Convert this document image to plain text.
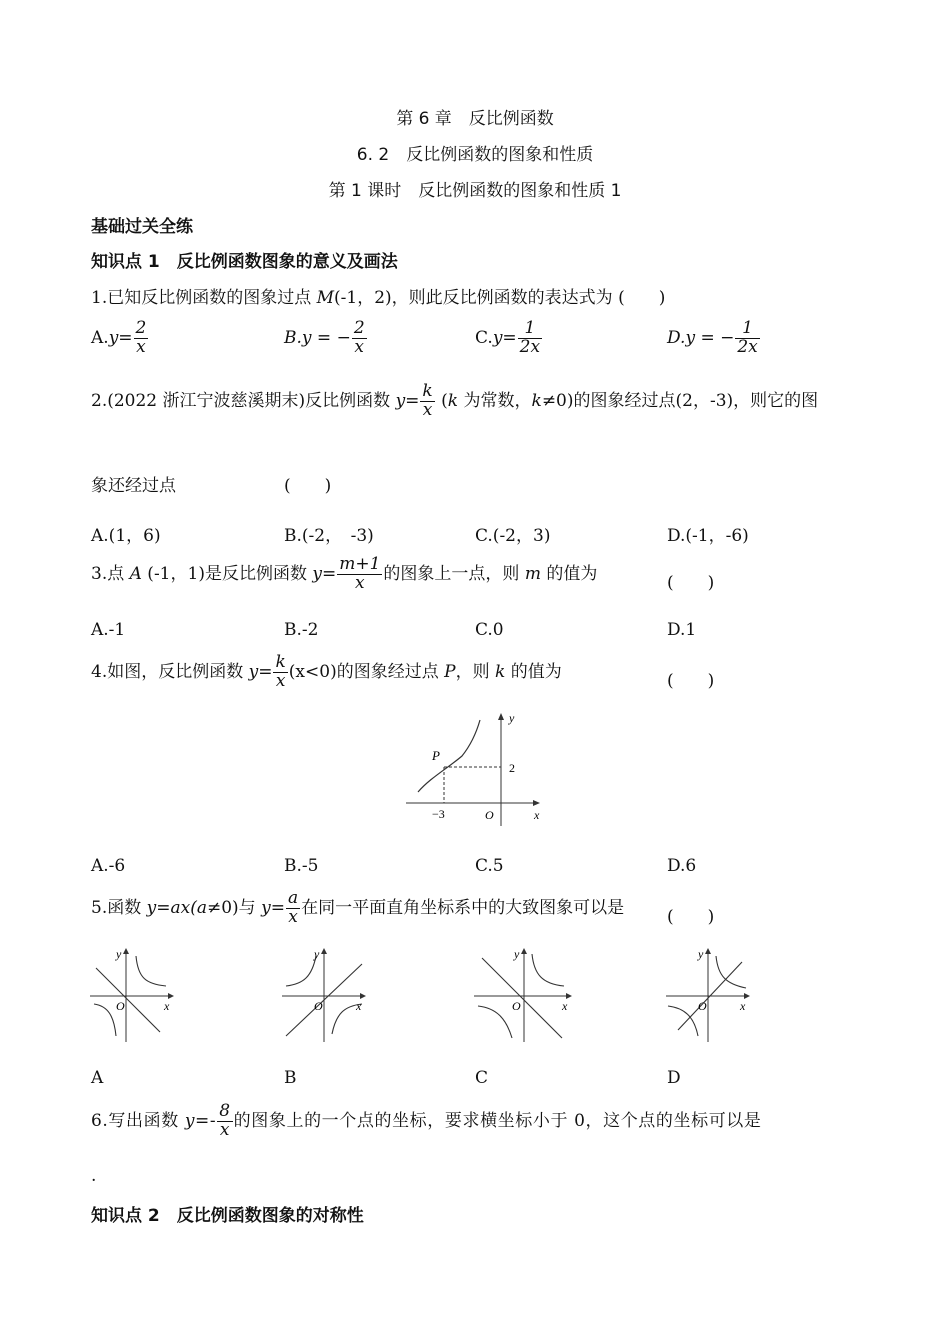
第 6 章　反比例函数
6. 2　反比例函数的图象和性质
第 1 课时　反比例函数的图象和性质 1
基础过关全练
知识点 1　反比例函数图象的意义及画法
1.已知反比例函数的图象过点 M(-1，2)，则此反比例函数的表达式为 (　　)
$A.y= \frac{2}{x}$	B.y = − $\frac{2}{x}$	$C.y= \frac{1}{2x}$	D.y = − $\frac{1}{2x}$
2.(2022 浙江宁波慈溪期末)反比例函数 $y= \frac{k}{x} (k$ 为常数，k≠0)的图象经过点(2，-3)，则它的图
象还经过点	(　　)
A.(1，6)	B.(-2，　-3)	C.(-2，3)	D.(-1，-6)
3.点 A (-1，1)是反比例函数 $y= \frac{m+1}{x}$ 的图象上一点，则 m 的值为	(　　)
A.-1	B.-2	C.0	D.1
4.如图，反比例函数 $y= \frac{k}{x} (x<0)$的图象经过点 P，则 k 的值为	(　　)
P
y
x
O
−3
2
A.-6	B.-5	C.5	D.6
5.函数 y=ax(a≠0)与 $y= \frac{a}{x}$ 在同一平面直角坐标系中的大致图象可以是	(　　)
y
x
O
y
x
O
y
x
O
y
x
O
A	B	C	D
6.写出函数 $y=- \frac{8}{x}$ 的图象上的一个点的坐标，要求横坐标小于 0，这个点的坐标可以是
.
知识点 2　反比例函数图象的对称性
